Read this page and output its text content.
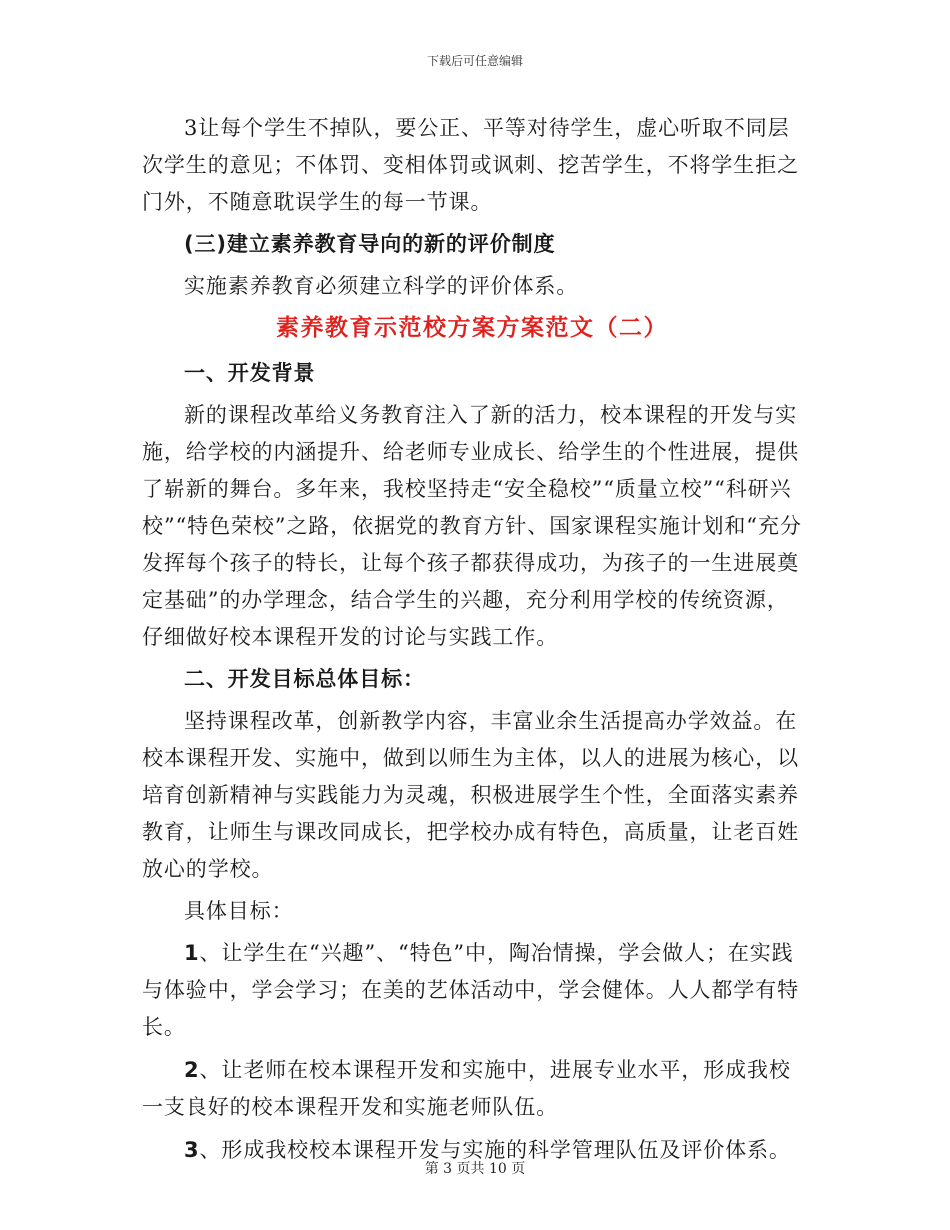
下载后可任意编辑

3让每个学生不掉队，要公正、平等对待学生，虚心听取不同层次学生的意见；不体罚、变相体罚或讽刺、挖苦学生，不将学生拒之门外，不随意耽误学生的每一节课。

(三)建立素养教育导向的新的评价制度

实施素养教育必须建立科学的评价体系。

素养教育示范校方案方案范文（二）

一、开发背景

新的课程改革给义务教育注入了新的活力，校本课程的开发与实施，给学校的内涵提升、给老师专业成长、给学生的个性进展，提供了崭新的舞台。多年来，我校坚持走“安全稳校”“质量立校”“科研兴校”“特色荣校”之路，依据党的教育方针、国家课程实施计划和“充分发挥每个孩子的特长，让每个孩子都获得成功，为孩子的一生进展奠定基础”的办学理念，结合学生的兴趣，充分利用学校的传统资源，仔细做好校本课程开发的讨论与实践工作。

二、开发目标总体目标：

坚持课程改革，创新教学内容，丰富业余生活提高办学效益。在校本课程开发、实施中，做到以师生为主体，以人的进展为核心，以培育创新精神与实践能力为灵魂，积极进展学生个性，全面落实素养教育，让师生与课改同成长，把学校办成有特色，高质量，让老百姓放心的学校。

具体目标：

1、让学生在“兴趣”、“特色”中，陶冶情操，学会做人；在实践与体验中，学会学习；在美的艺体活动中，学会健体。人人都学有特长。

2、让老师在校本课程开发和实施中，进展专业水平，形成我校一支良好的校本课程开发和实施老师队伍。

3、形成我校校本课程开发与实施的科学管理队伍及评价体系。

第 3 页共 10 页
